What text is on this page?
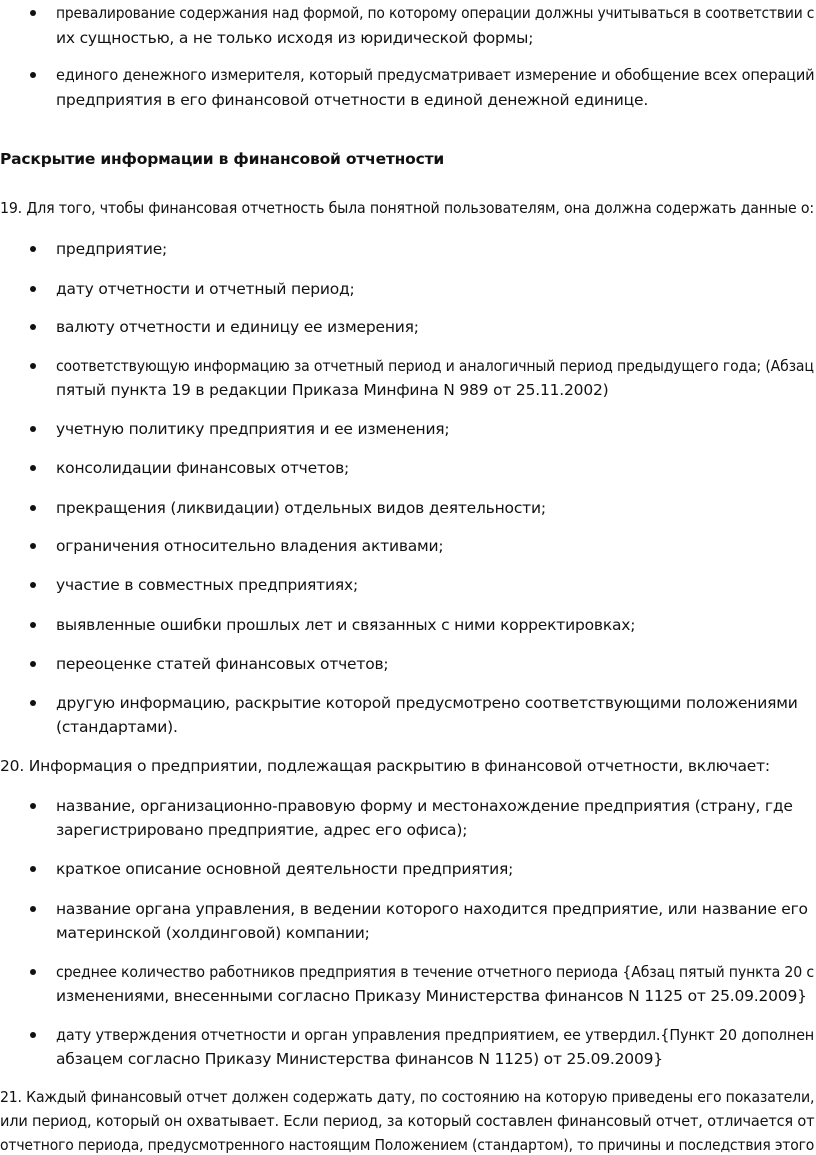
превалирование содержания над формой, по которому операции должны учитываться в соответствии с
их сущностью, а не только исходя из юридической формы;
единого денежного измерителя, который предусматривает измерение и обобщение всех операций
предприятия в его финансовой отчетности в единой денежной единице.
Раскрытие информации в финансовой отчетности
19. Для того, чтобы финансовая отчетность была понятной пользователям, она должна содержать данные о:
предприятие;
дату отчетности и отчетный период;
валюту отчетности и единицу ее измерения;
соответствующую информацию за отчетный период и аналогичный период предыдущего года; (Абзац
пятый пункта 19 в редакции Приказа Минфина N 989 от 25.11.2002)
учетную политику предприятия и ее изменения;
консолидации финансовых отчетов;
прекращения (ликвидации) отдельных видов деятельности;
ограничения относительно владения активами;
участие в совместных предприятиях;
выявленные ошибки прошлых лет и связанных с ними корректировках;
переоценке статей финансовых отчетов;
другую информацию, раскрытие которой предусмотрено соответствующими положениями
(стандартами).
20. Информация о предприятии, подлежащая раскрытию в финансовой отчетности, включает:
название, организационно-правовую форму и местонахождение предприятия (страну, где
зарегистрировано предприятие, адрес его офиса);
краткое описание основной деятельности предприятия;
название органа управления, в ведении которого находится предприятие, или название его
материнской (холдинговой) компании;
среднее количество работников предприятия в течение отчетного периода {Абзац пятый пункта 20 с
изменениями, внесенными согласно Приказу Министерства финансов N 1125 от 25.09.2009}
дату утверждения отчетности и орган управления предприятием, ее утвердил.{Пункт 20 дополнен
абзацем согласно Приказу Министерства финансов N 1125) от 25.09.2009}
21. Каждый финансовый отчет должен содержать дату, по состоянию на которую приведены его показатели,
или период, который он охватывает. Если период, за который составлен финансовый отчет, отличается от
отчетного периода, предусмотренного настоящим Положением (стандартом), то причины и последствия этого
